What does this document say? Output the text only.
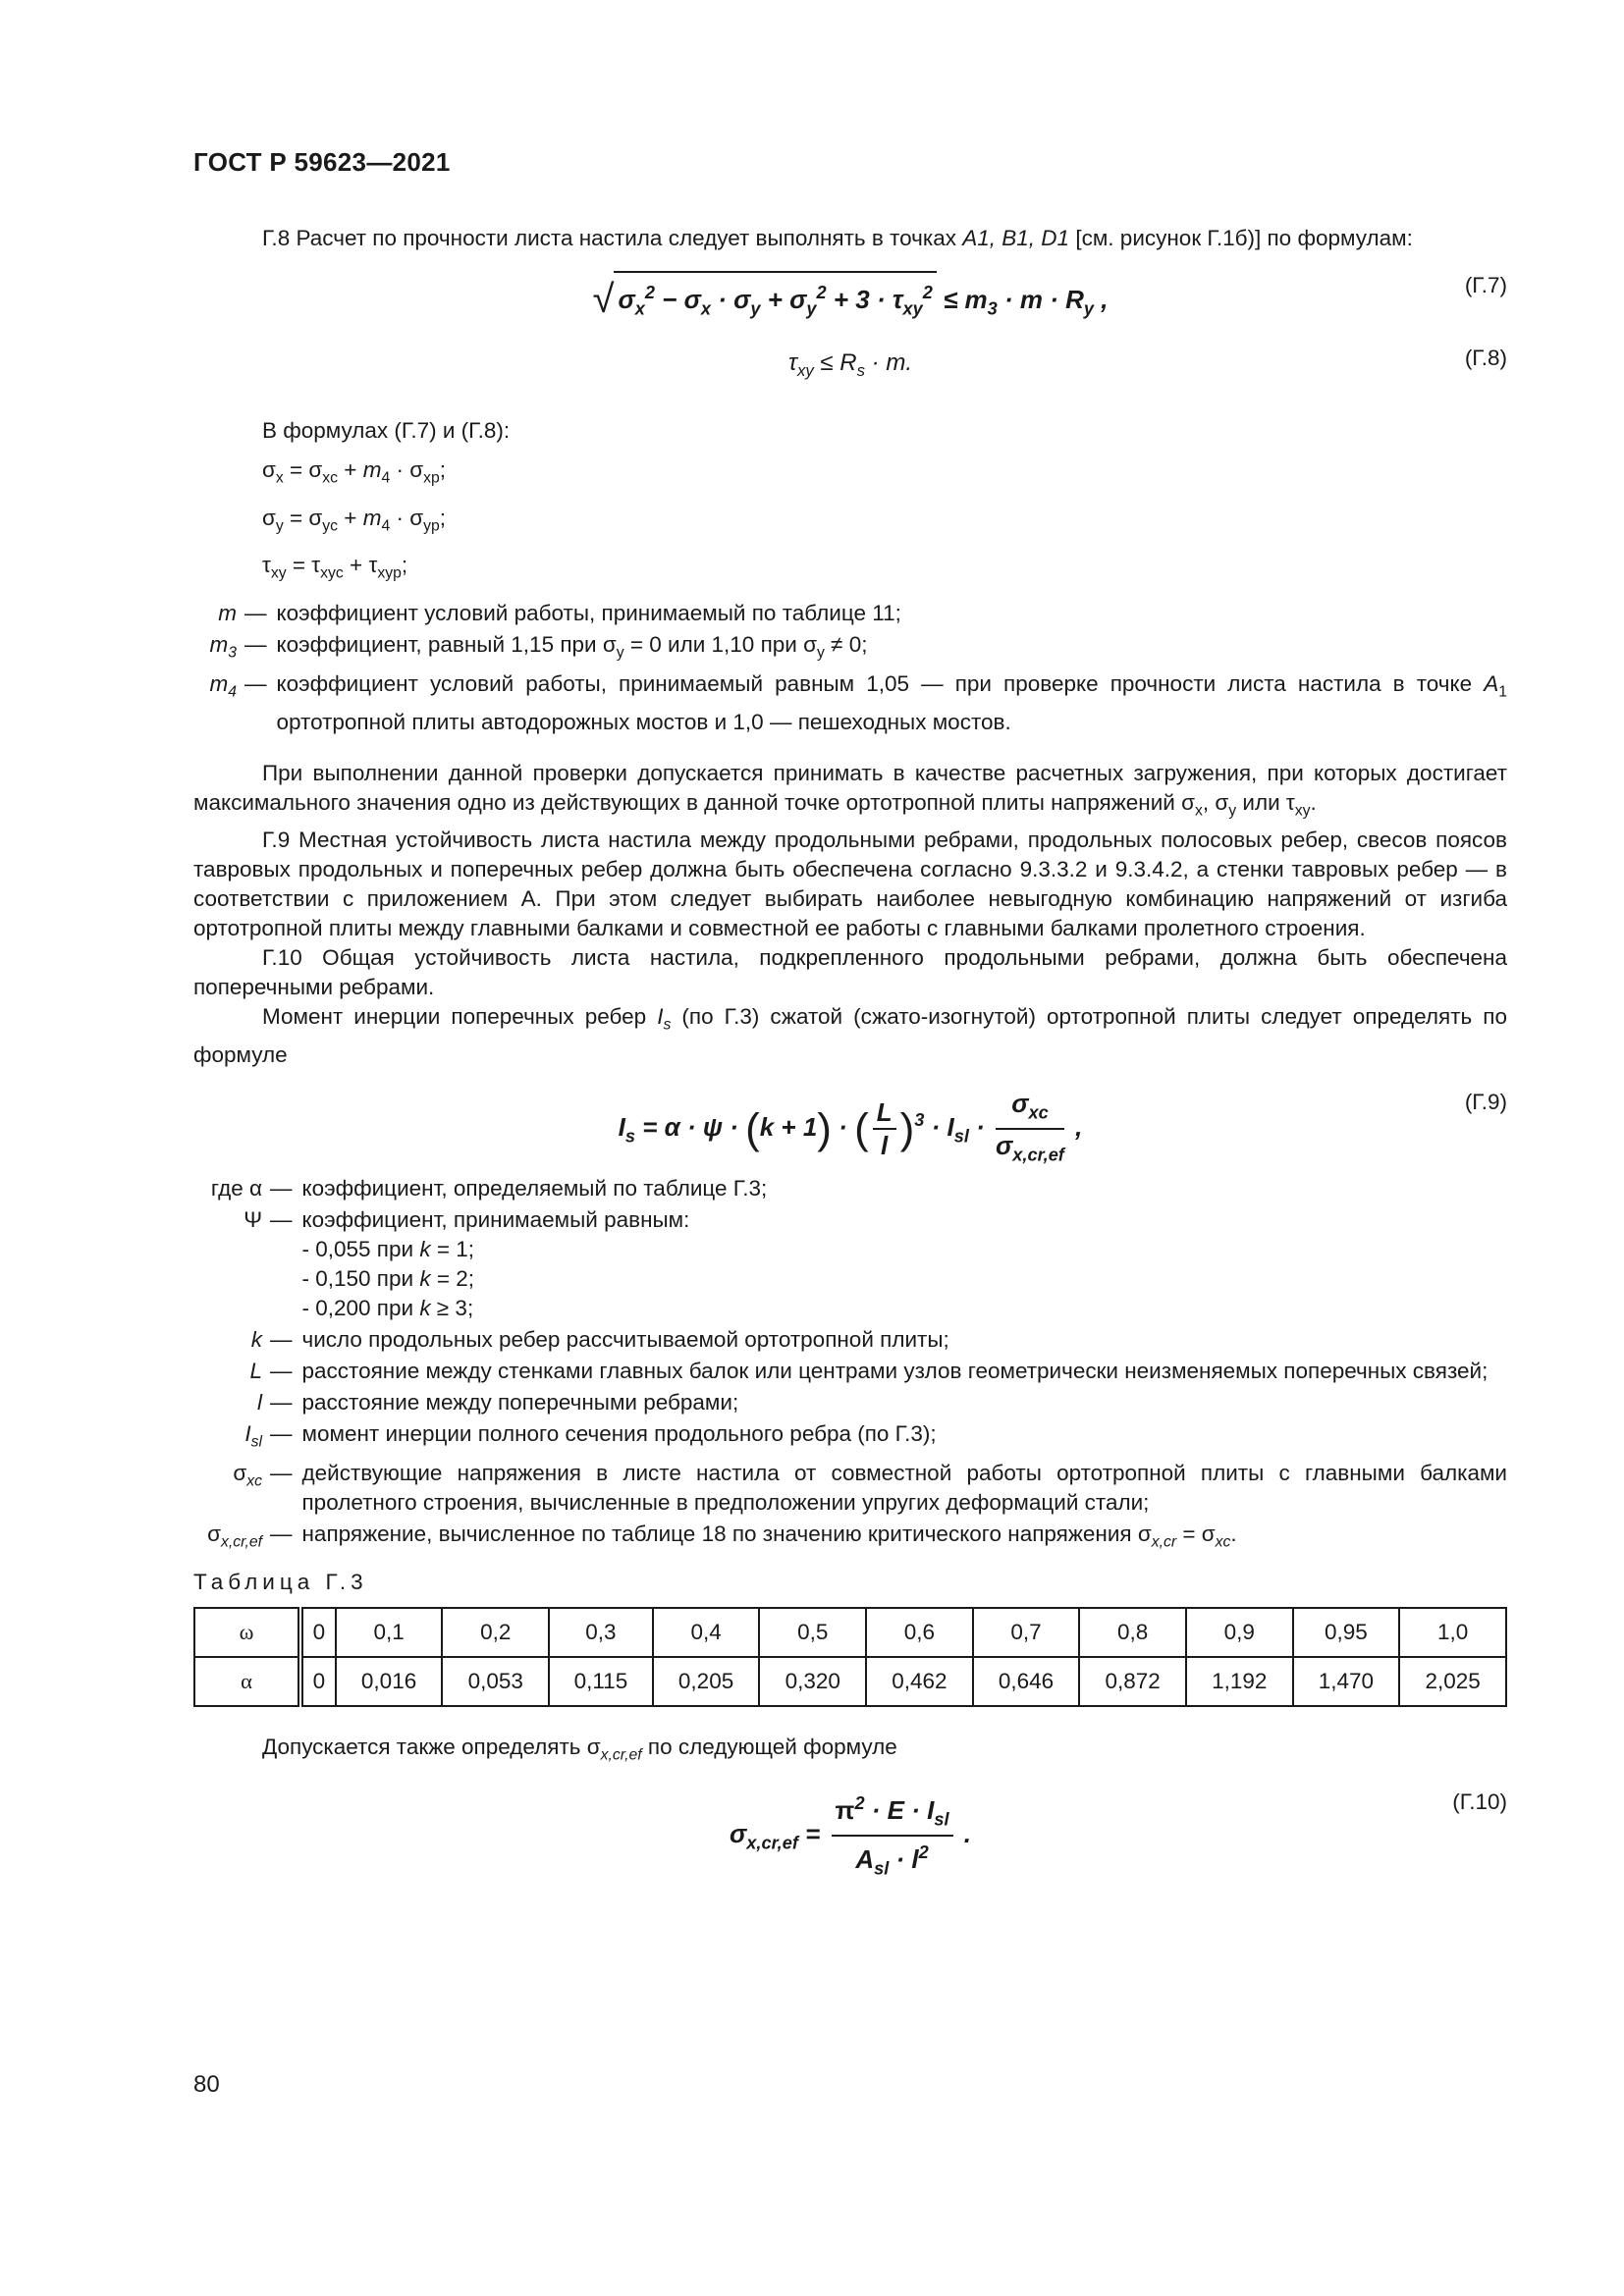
ГОСТ Р 59623—2021

Г.8 Расчет по прочности листа настила следует выполнять в точках A1, B1, D1 [см. рисунок Г.1б)] по формулам:

√ $\sigma_x^2 - \sigma_x \cdot \sigma_y + \sigma_y^2 + 3 \cdot \tau_{xy}^2 \le m_3 \cdot m \cdot R_y$ ,	(Г.7)
$\tau_{xy} \le R_s \cdot m$.	(Г.8)

В формулах (Г.7) и (Г.8):

$\sigma_x = \sigma_{xc} + m_4 \cdot \sigma_{xp}$;
$\sigma_y = \sigma_{yc} + m_4 \cdot \sigma_{yp}$;
$\tau_{xy} = \tau_{xyc} + \tau_{xyp}$;
m — коэффициент условий работы, принимаемый по таблице 11;
$m_3$ — коэффициент, равный 1,15 при $\sigma_y = 0$ или 1,10 при $\sigma_y \ne 0$;
$m_4$ — коэффициент условий работы, принимаемый равным 1,05 — при проверке прочности листа настила в точке $A_1$ ортотропной плиты автодорожных мостов и 1,0 — пешеходных мостов.

При выполнении данной проверки допускается принимать в качестве расчетных загружения, при которых достигает максимального значения одно из действующих в данной точке ортотропной плиты напряжений $\sigma_x$, $\sigma_y$ или $\tau_{xy}$.

Г.9 Местная устойчивость листа настила между продольными ребрами, продольных полосовых ребер, свесов поясов тавровых продольных и поперечных ребер должна быть обеспечена согласно 9.3.3.2 и 9.3.4.2, а стенки тавровых ребер — в соответствии с приложением А. При этом следует выбирать наиболее невыгодную комбинацию напряжений от изгиба ортотропной плиты между главными балками и совместной ее работы с главными балками пролетного строения.

Г.10 Общая устойчивость листа настила, подкрепленного продольными ребрами, должна быть обеспечена поперечными ребрами.

Момент инерции поперечных ребер $I_s$ (по Г.3) сжатой (сжато-изогнутой) ортотропной плиты следует определять по формуле

$I_s = \alpha \cdot \psi \cdot (k + 1)$ · ( $\frac{L}{l} )^3 \cdot I_{sl} \cdot \frac{\sigma_{xc}}{\sigma_{x,cr,ef}}$ ,
(Г.9)
где α — коэффициент, определяемый по таблице Г.3;
Ψ — коэффициент, принимаемый равным:
- 0,055 при k = 1;
- 0,150 при k = 2;
- 0,200 при k ≥ 3;
k — число продольных ребер рассчитываемой ортотропной плиты;
L — расстояние между стенками главных балок или центрами узлов геометрически неизменяемых поперечных связей;
l — расстояние между поперечными ребрами;
$I_{sl}$ — момент инерции полного сечения продольного ребра (по Г.3);
$\sigma_{xc}$ — действующие напряжения в листе настила от совместной работы ортотропной плиты с главными балками пролетного строения, вычисленные в предположении упругих деформаций стали;
$\sigma_{x,cr,ef}$ — напряжение, вычисленное по таблице 18 по значению критического напряжения $\sigma_{x,cr} = \sigma_{xc}$.
Таблица Г.3
ω	0	0,1	0,2	0,3	0,4	0,5	0,6	0,7	0,8	0,9	0,95	1,0
α	0	0,016	0,053	0,115	0,205	0,320	0,462	0,646	0,872	1,192	1,470	2,025

Допускается также определять $\sigma_{x,cr,ef}$ по следующей формуле

$\sigma_{x,cr,ef} = \frac{\pi^2 \cdot E \cdot I_{sl}}{A_{sl} \cdot l^2}$ .
(Г.10)
80
